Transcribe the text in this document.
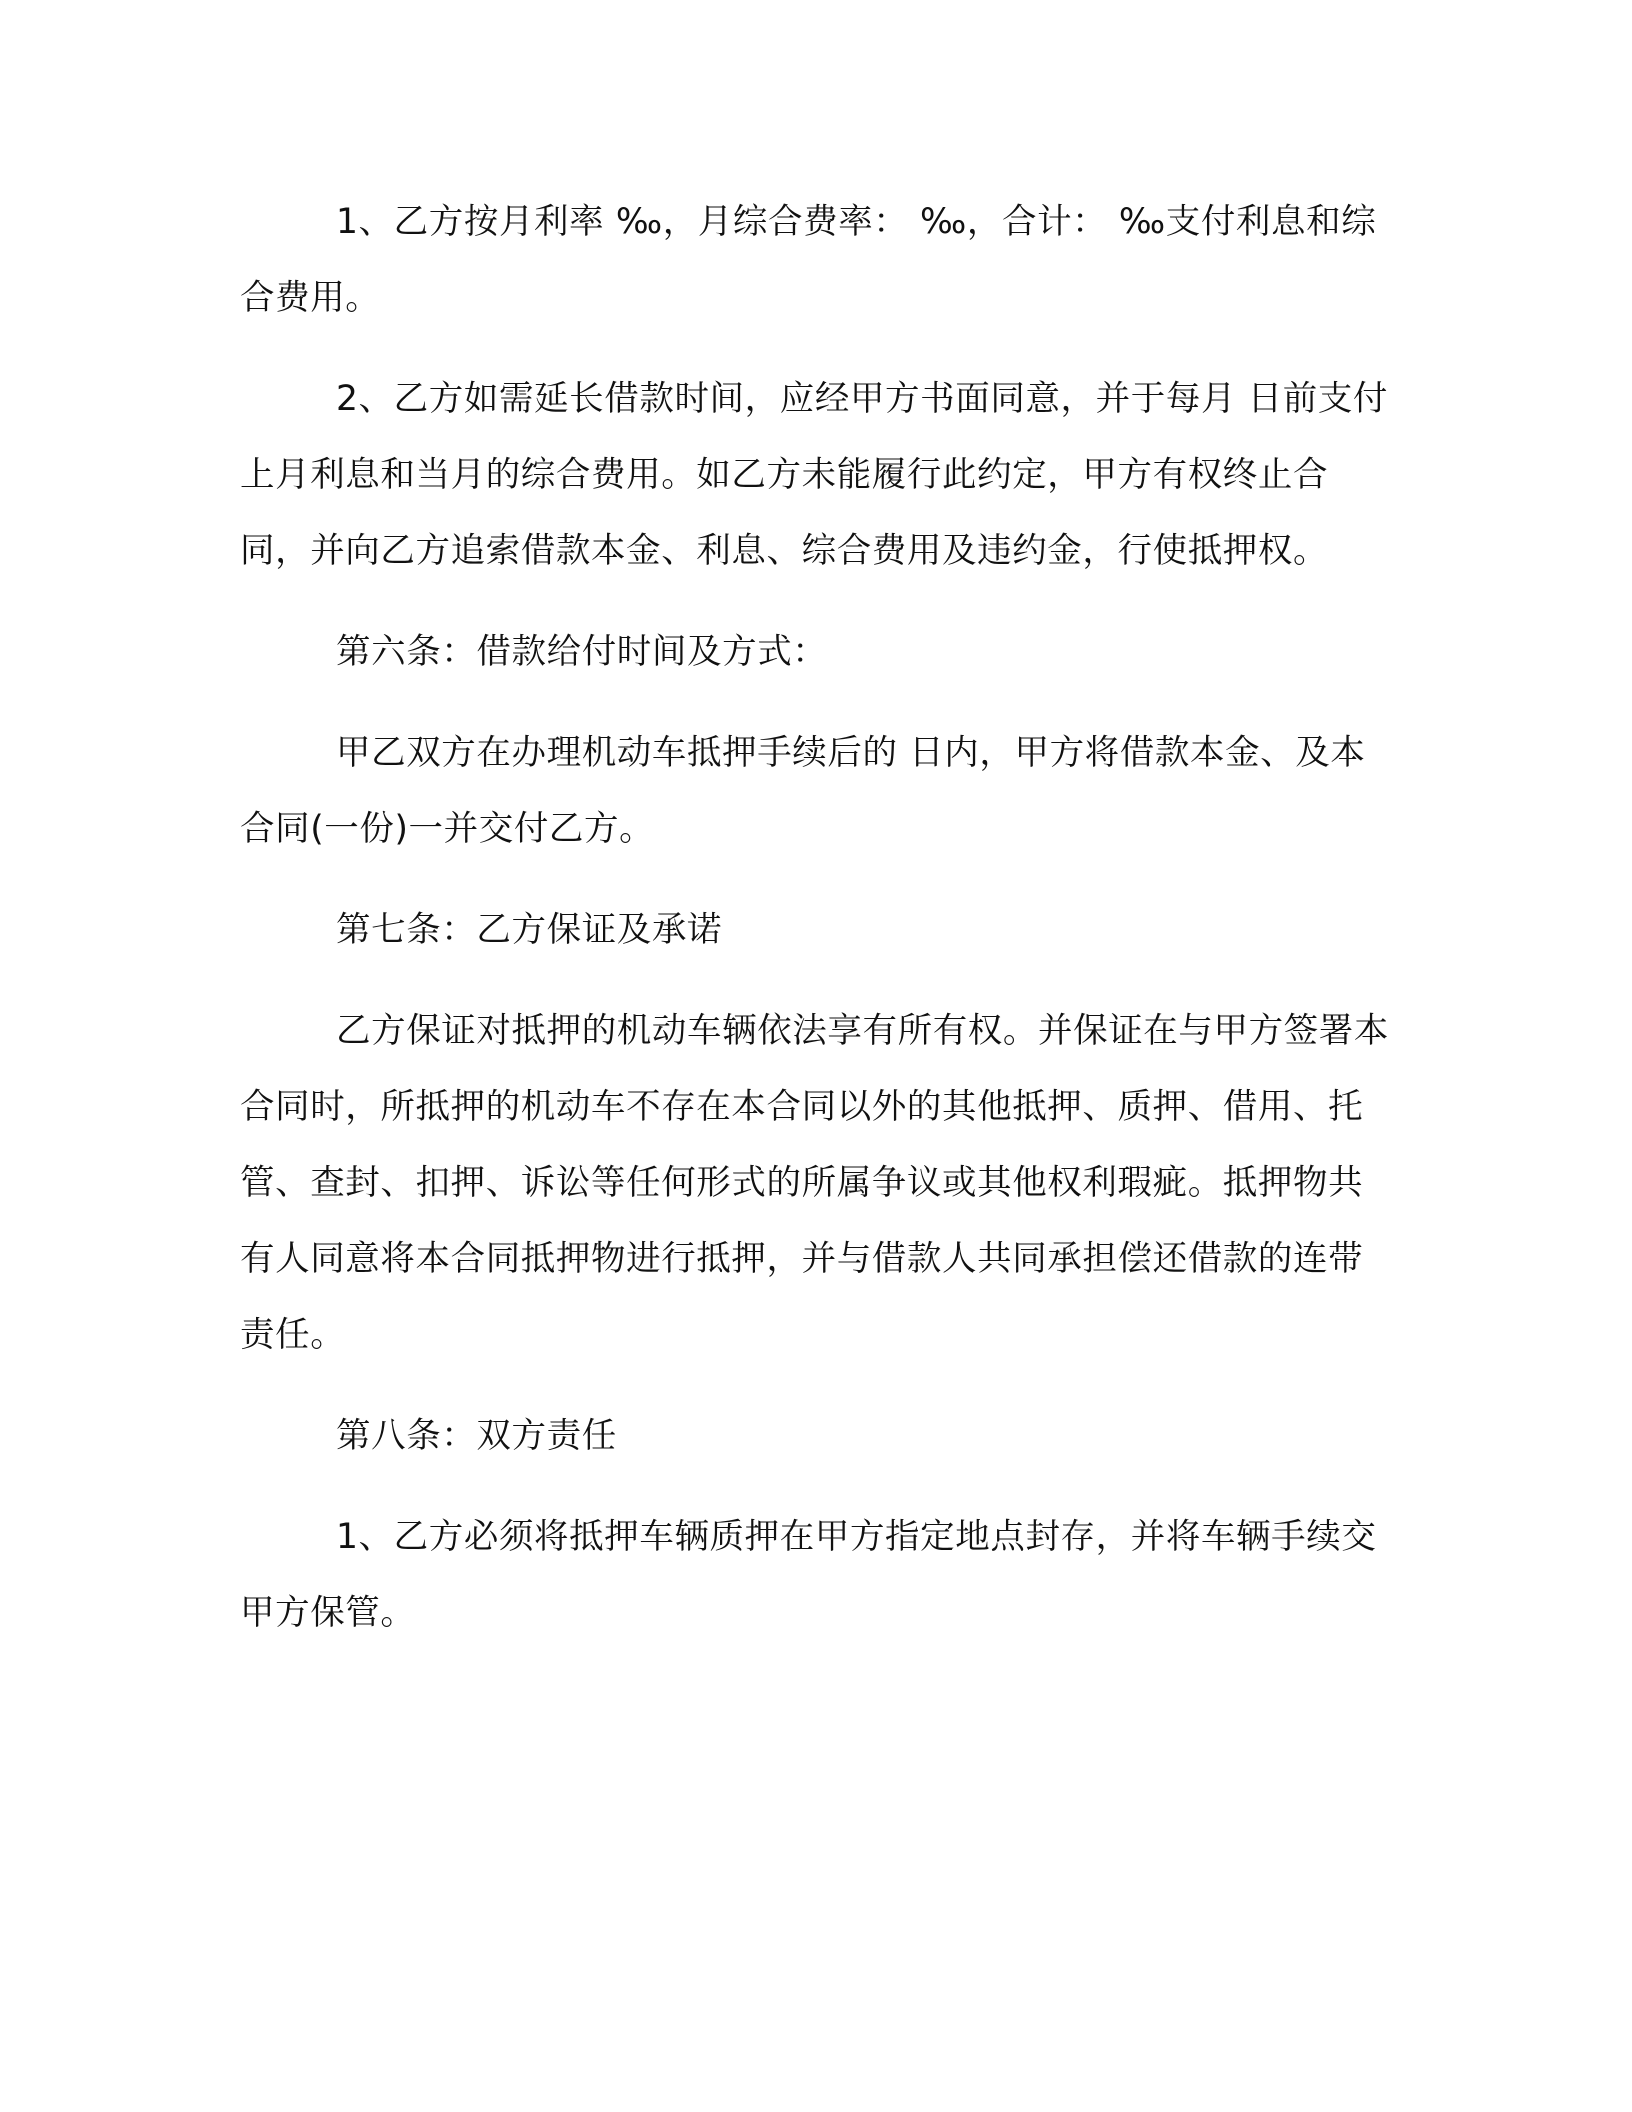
1、乙方按月利率 ‰，月综合费率： ‰，合计： ‰支付利息和综合费用。

2、乙方如需延长借款时间，应经甲方书面同意，并于每月 日前支付上月利息和当月的综合费用。如乙方未能履行此约定，甲方有权终止合同，并向乙方追索借款本金、利息、综合费用及违约金，行使抵押权。

第六条：借款给付时间及方式：

甲乙双方在办理机动车抵押手续后的 日内，甲方将借款本金、及本合同(一份)一并交付乙方。

第七条：乙方保证及承诺

乙方保证对抵押的机动车辆依法享有所有权。并保证在与甲方签署本合同时，所抵押的机动车不存在本合同以外的其他抵押、质押、借用、托管、查封、扣押、诉讼等任何形式的所属争议或其他权利瑕疵。抵押物共有人同意将本合同抵押物进行抵押，并与借款人共同承担偿还借款的连带责任。

第八条：双方责任

1、乙方必须将抵押车辆质押在甲方指定地点封存，并将车辆手续交甲方保管。
